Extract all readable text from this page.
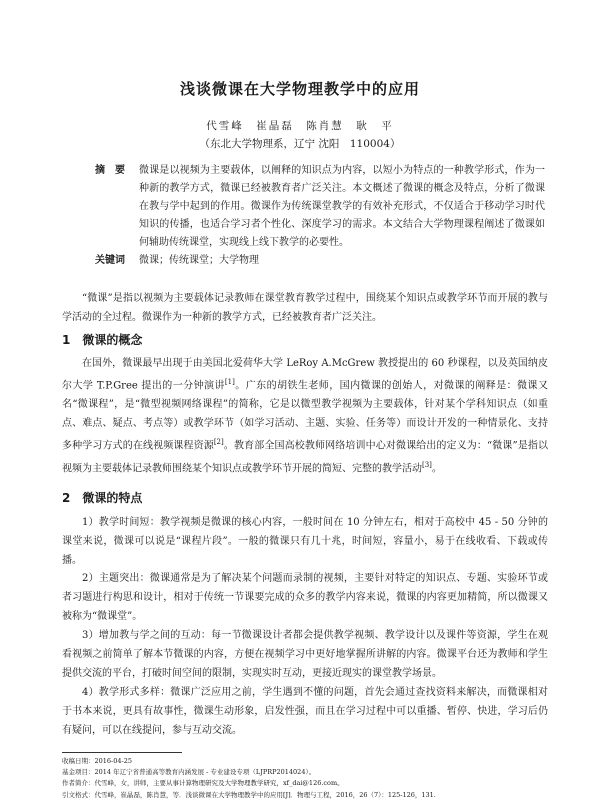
浅谈微课在大学物理教学中的应用
代雪峰　崔晶磊　陈肖慧　耿　平
（东北大学物理系，辽宁 沈阳　110004）
摘　要	微课是以视频为主要载体，以阐释的知识点为内容，以短小为特点的一种教学形式，作为一种新的教学方式，微课已经被教育者广泛关注。本文概述了微课的概念及特点，分析了微课在教与学中起到的作用。微课作为传统课堂教学的有效补充形式，不仅适合于移动学习时代知识的传播，也适合学习者个性化、深度学习的需求。本文结合大学物理课程阐述了微课如何辅助传统课堂，实现线上线下教学的必要性。
关键词	微课；传统课堂；大学物理
“微课”是指以视频为主要载体记录教师在课堂教育教学过程中，围绕某个知识点或教学环节而开展的教与学活动的全过程。微课作为一种新的教学方式，已经被教育者广泛关注。
1　微课的概念
在国外，微课最早出现于由美国北爱荷华大学 LeRoy A.McGrew 教授提出的 60 秒课程，以及英国纳皮尔大学 T.P.Gree 提出的一分钟演讲[1]。广东的胡铁生老师，国内微课的创始人，对微课的阐释是：微课又名“微课程”，是“微型视频网络课程”的简称，它是以微型教学视频为主要载体，针对某个学科知识点（如重点、难点、疑点、考点等）或教学环节（如学习活动、主题、实验、任务等）而设计开发的一种情景化、支持多种学习方式的在线视频课程资源[2]。教育部全国高校教师网络培训中心对微课给出的定义为：“微课”是指以视频为主要载体记录教师围绕某个知识点或教学环节开展的简短、完整的教学活动[3]。
2　微课的特点
1）教学时间短：教学视频是微课的核心内容，一般时间在 10 分钟左右，相对于高校中 45 - 50 分钟的课堂来说，微课可以说是“课程片段”。一般的微课只有几十兆，时间短，容量小，易于在线收看、下载或传播。
2）主题突出：微课通常是为了解决某个问题而录制的视频，主要针对特定的知识点、专题、实验环节或者习题进行构思和设计，相对于传统一节课要完成的众多的教学内容来说，微课的内容更加精简，所以微课又被称为“微课堂”。
3）增加教与学之间的互动：每一节微课设计者都会提供教学视频、教学设计以及课件等资源，学生在观看视频之前简单了解本节微课的内容，方便在视频学习中更好地掌握所讲解的内容。微课平台还为教师和学生提供交流的平台，打破时间空间的限制，实现实时互动，更接近现实的课堂教学场景。
4）教学形式多样：微课广泛应用之前，学生遇到不懂的问题，首先会通过查找资料来解决，而微课相对于书本来说，更具有故事性，微课生动形象，启发性强，而且在学习过程中可以重播、暂停、快进，学习后仍有疑问，可以在线提问，参与互动交流。
收稿日期：2016-04-25
基金项目：2014 年辽宁省普通高等教育内涵发展 - 专业建设专项（LJPRP2014024）。
作者简介：代雪峰，女，讲师，主要从事计算物理研究及大学物理教学研究，xf_dai@126.com。
引文格式：代雪峰，崔晶磊，陈肖慧，等．浅谈微课在大学物理教学中的应用[J]．物理与工程，2016，26（7）：125-126，131.
